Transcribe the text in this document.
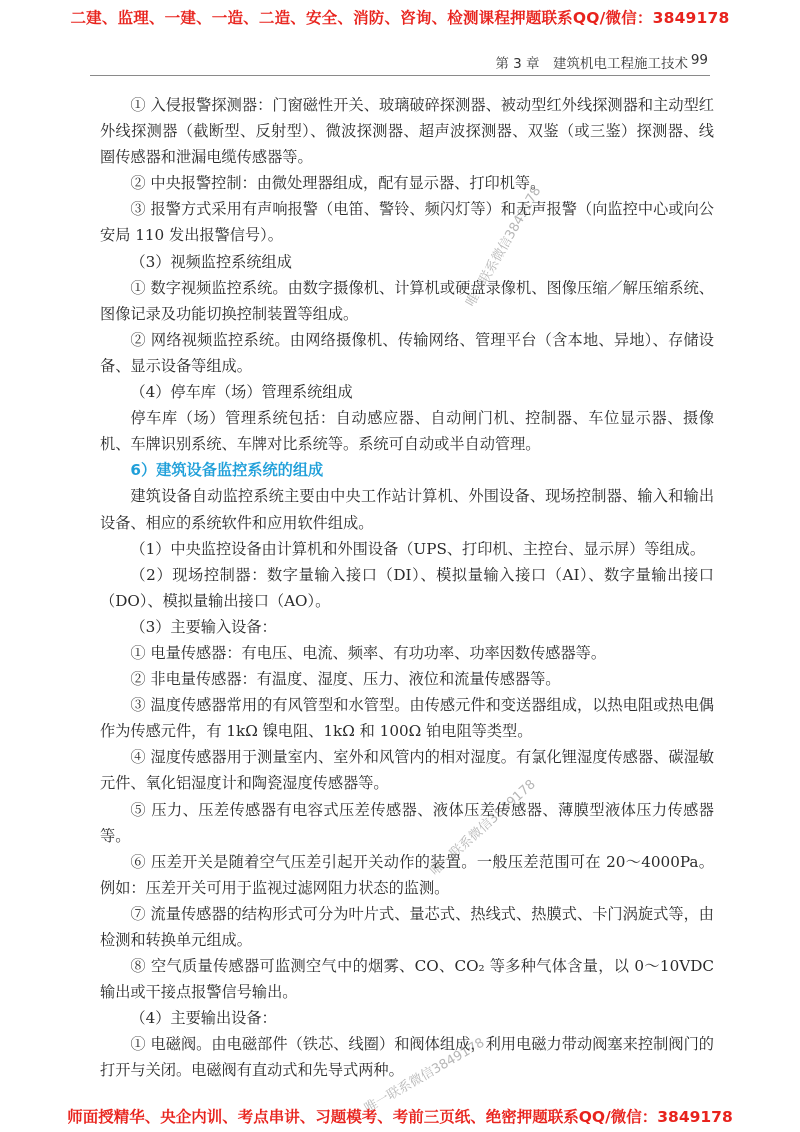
二建、监理、一建、一造、二造、安全、消防、咨询、检测课程押题联系QQ/微信：3849178
第 3 章　建筑机电工程施工技术 99

① 入侵报警探测器：门窗磁性开关、玻璃破碎探测器、被动型红外线探测器和主动型红外线探测器（截断型、反射型）、微波探测器、超声波探测器、双鉴（或三鉴）探测器、线圈传感器和泄漏电缆传感器等。

② 中央报警控制：由微处理器组成，配有显示器、打印机等。

③ 报警方式采用有声响报警（电笛、警铃、频闪灯等）和无声报警（向监控中心或向公安局 110 发出报警信号）。

（3）视频监控系统组成

① 数字视频监控系统。由数字摄像机、计算机或硬盘录像机、图像压缩／解压缩系统、图像记录及功能切换控制装置等组成。

② 网络视频监控系统。由网络摄像机、传输网络、管理平台（含本地、异地）、存储设备、显示设备等组成。

（4）停车库（场）管理系统组成

停车库（场）管理系统包括：自动感应器、自动闸门机、控制器、车位显示器、摄像机、车牌识别系统、车牌对比系统等。系统可自动或半自动管理。

6）建筑设备监控系统的组成

建筑设备自动监控系统主要由中央工作站计算机、外围设备、现场控制器、输入和输出设备、相应的系统软件和应用软件组成。

（1）中央监控设备由计算机和外围设备（UPS、打印机、主控台、显示屏）等组成。

（2）现场控制器：数字量输入接口（DI）、模拟量输入接口（AI）、数字量输出接口（DO）、模拟量输出接口（AO）。

（3）主要输入设备：

① 电量传感器：有电压、电流、频率、有功功率、功率因数传感器等。

② 非电量传感器：有温度、湿度、压力、液位和流量传感器等。

③ 温度传感器常用的有风管型和水管型。由传感元件和变送器组成，以热电阻或热电偶作为传感元件，有 1kΩ 镍电阻、1kΩ 和 100Ω 铂电阻等类型。

④ 湿度传感器用于测量室内、室外和风管内的相对湿度。有氯化锂湿度传感器、碳湿敏元件、氧化铝湿度计和陶瓷湿度传感器等。

⑤ 压力、压差传感器有电容式压差传感器、液体压差传感器、薄膜型液体压力传感器等。

⑥ 压差开关是随着空气压差引起开关动作的装置。一般压差范围可在 20～4000Pa。例如：压差开关可用于监视过滤网阻力状态的监测。

⑦ 流量传感器的结构形式可分为叶片式、量芯式、热线式、热膜式、卡门涡旋式等，由检测和转换单元组成。

⑧ 空气质量传感器可监测空气中的烟雾、CO、CO₂ 等多种气体含量，以 0～10VDC 输出或干接点报警信号输出。

（4）主要输出设备：

① 电磁阀。由电磁部件（铁芯、线圈）和阀体组成，利用电磁力带动阀塞来控制阀门的打开与关闭。电磁阀有直动式和先导式两种。

唯一联系微信3849178
唯一联系微信3849178
唯一联系微信3849178
师面授精华、央企内训、考点串讲、习题模考、考前三页纸、绝密押题联系QQ/微信：3849178
